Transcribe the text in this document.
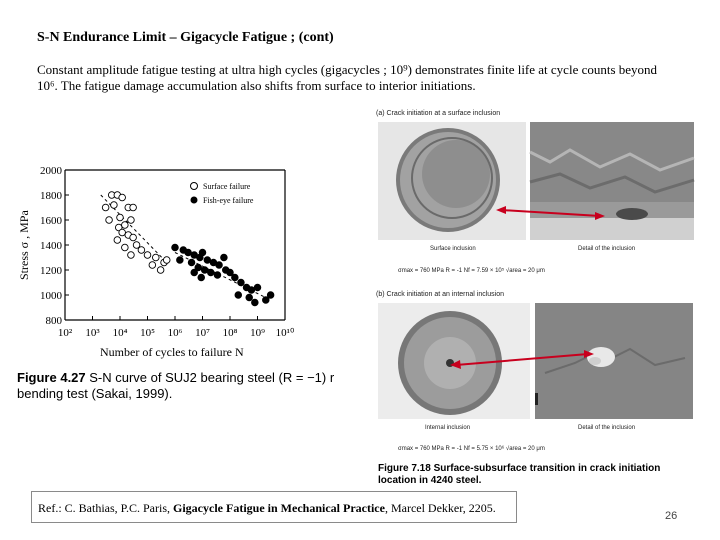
S-N Endurance Limit – Gigacycle Fatigue ; (cont)
Constant amplitude fatigue testing at ultra high cycles (gigacycles ; 10⁹) demonstrates finite life at cycle counts beyond 10⁶. The fatigue damage accumulation also shifts from surface to interior initiations.
2000
1800
1600
1400
1200
1000
800
10² 10³ 10⁴ 10⁵ 10⁶ 10⁷ 10⁸ 10⁹ 10¹⁰
Stress σ , MPa
Number of cycles to failure N
Surface failure
Fish-eye failure
Figure 4.27 S-N curve of SUJ2 bearing steel (R = −1) r
bending test (Sakai, 1999).
(a) Crack initiation at a surface inclusion
Surface inclusion	Detail of the inclusion
σmax = 760 MPa R = -1 Nf = 7.59 × 10⁵ √area = 20 μm
(b) Crack initiation at an internal inclusion
Internal inclusion	Detail of the inclusion
σmax = 760 MPa R = -1 Nf = 5.75 × 10⁶ √area = 20 μm
Figure 7.18 Surface-subsurface transition in crack initiation location in 4240 steel.
Ref.: C. Bathias, P.C. Paris, Gigacycle Fatigue in Mechanical Practice, Marcel Dekker, 2205.
26
